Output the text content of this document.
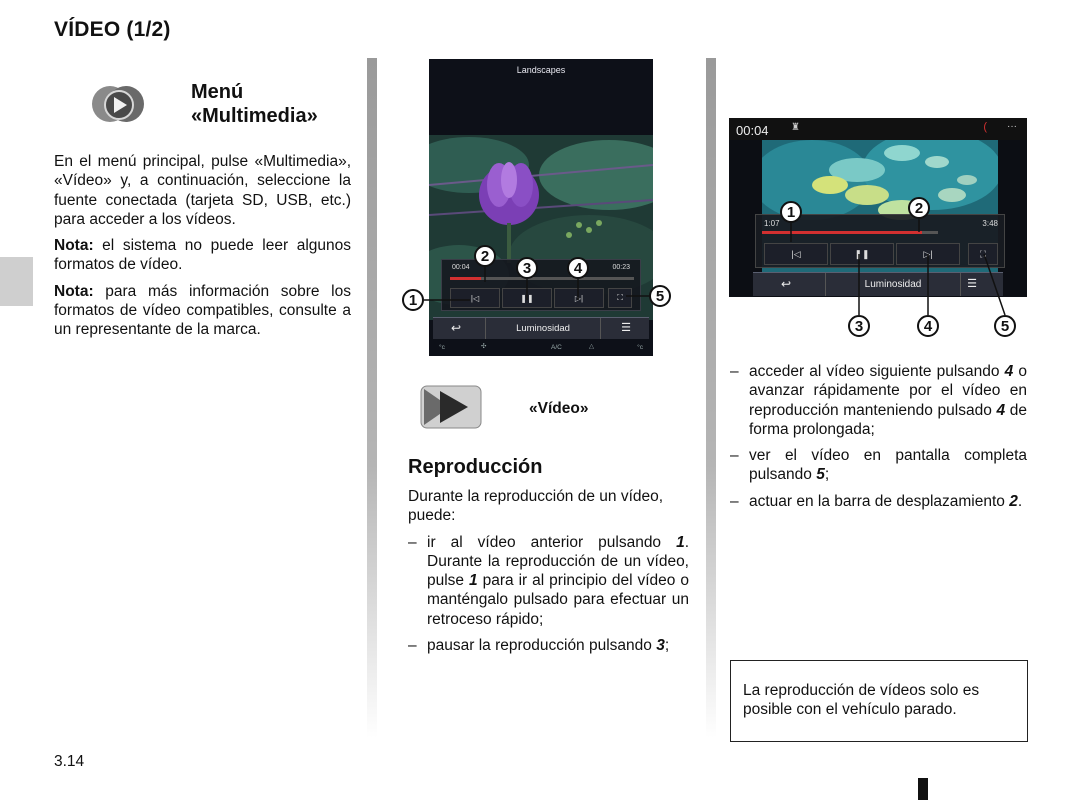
VÍDEO (1/2)
Menú
«Multimedia»

En el menú principal, pulse «Multimedia», «Vídeo» y, a continuación, seleccione la fuente conectada (tarjeta SD, USB, etc.) para acceder a los vídeos.

Nota: el sistema no puede leer algunos formatos de vídeo.

Nota: para más información sobre los formatos de vídeo compatibles, consulte a un representante de la marca.

Landscapes
00:04	00:23
|◁	❚❚	▷|	⛶
↩	Luminosidad	☰
°c	✣	A/C	△	°c
1
2
3	4
5
«Vídeo»
Reproducción

Durante la reproducción de un vídeo, puede:

– ir al vídeo anterior pulsando 1. Durante la reproducción de un vídeo, pulse 1 para ir al principio del vídeo o manténgalo pulsado para efectuar un retroceso rápido;
– pausar la reproducción pulsando 3;
00:04 ♜	( ···
1:07	3:48
|◁	❚❚	▷|	⛶
↩	Luminosidad	☰
1	2
3	4	5
– acceder al vídeo siguiente pulsando 4 o avanzar rápidamente por el vídeo en reproducción manteniendo pulsado 4 de forma prolongada;
– ver el vídeo en pantalla completa pulsando 5;
– actuar en la barra de desplazamiento 2.
La reproducción de vídeos solo es posible con el vehículo parado.
3.14
